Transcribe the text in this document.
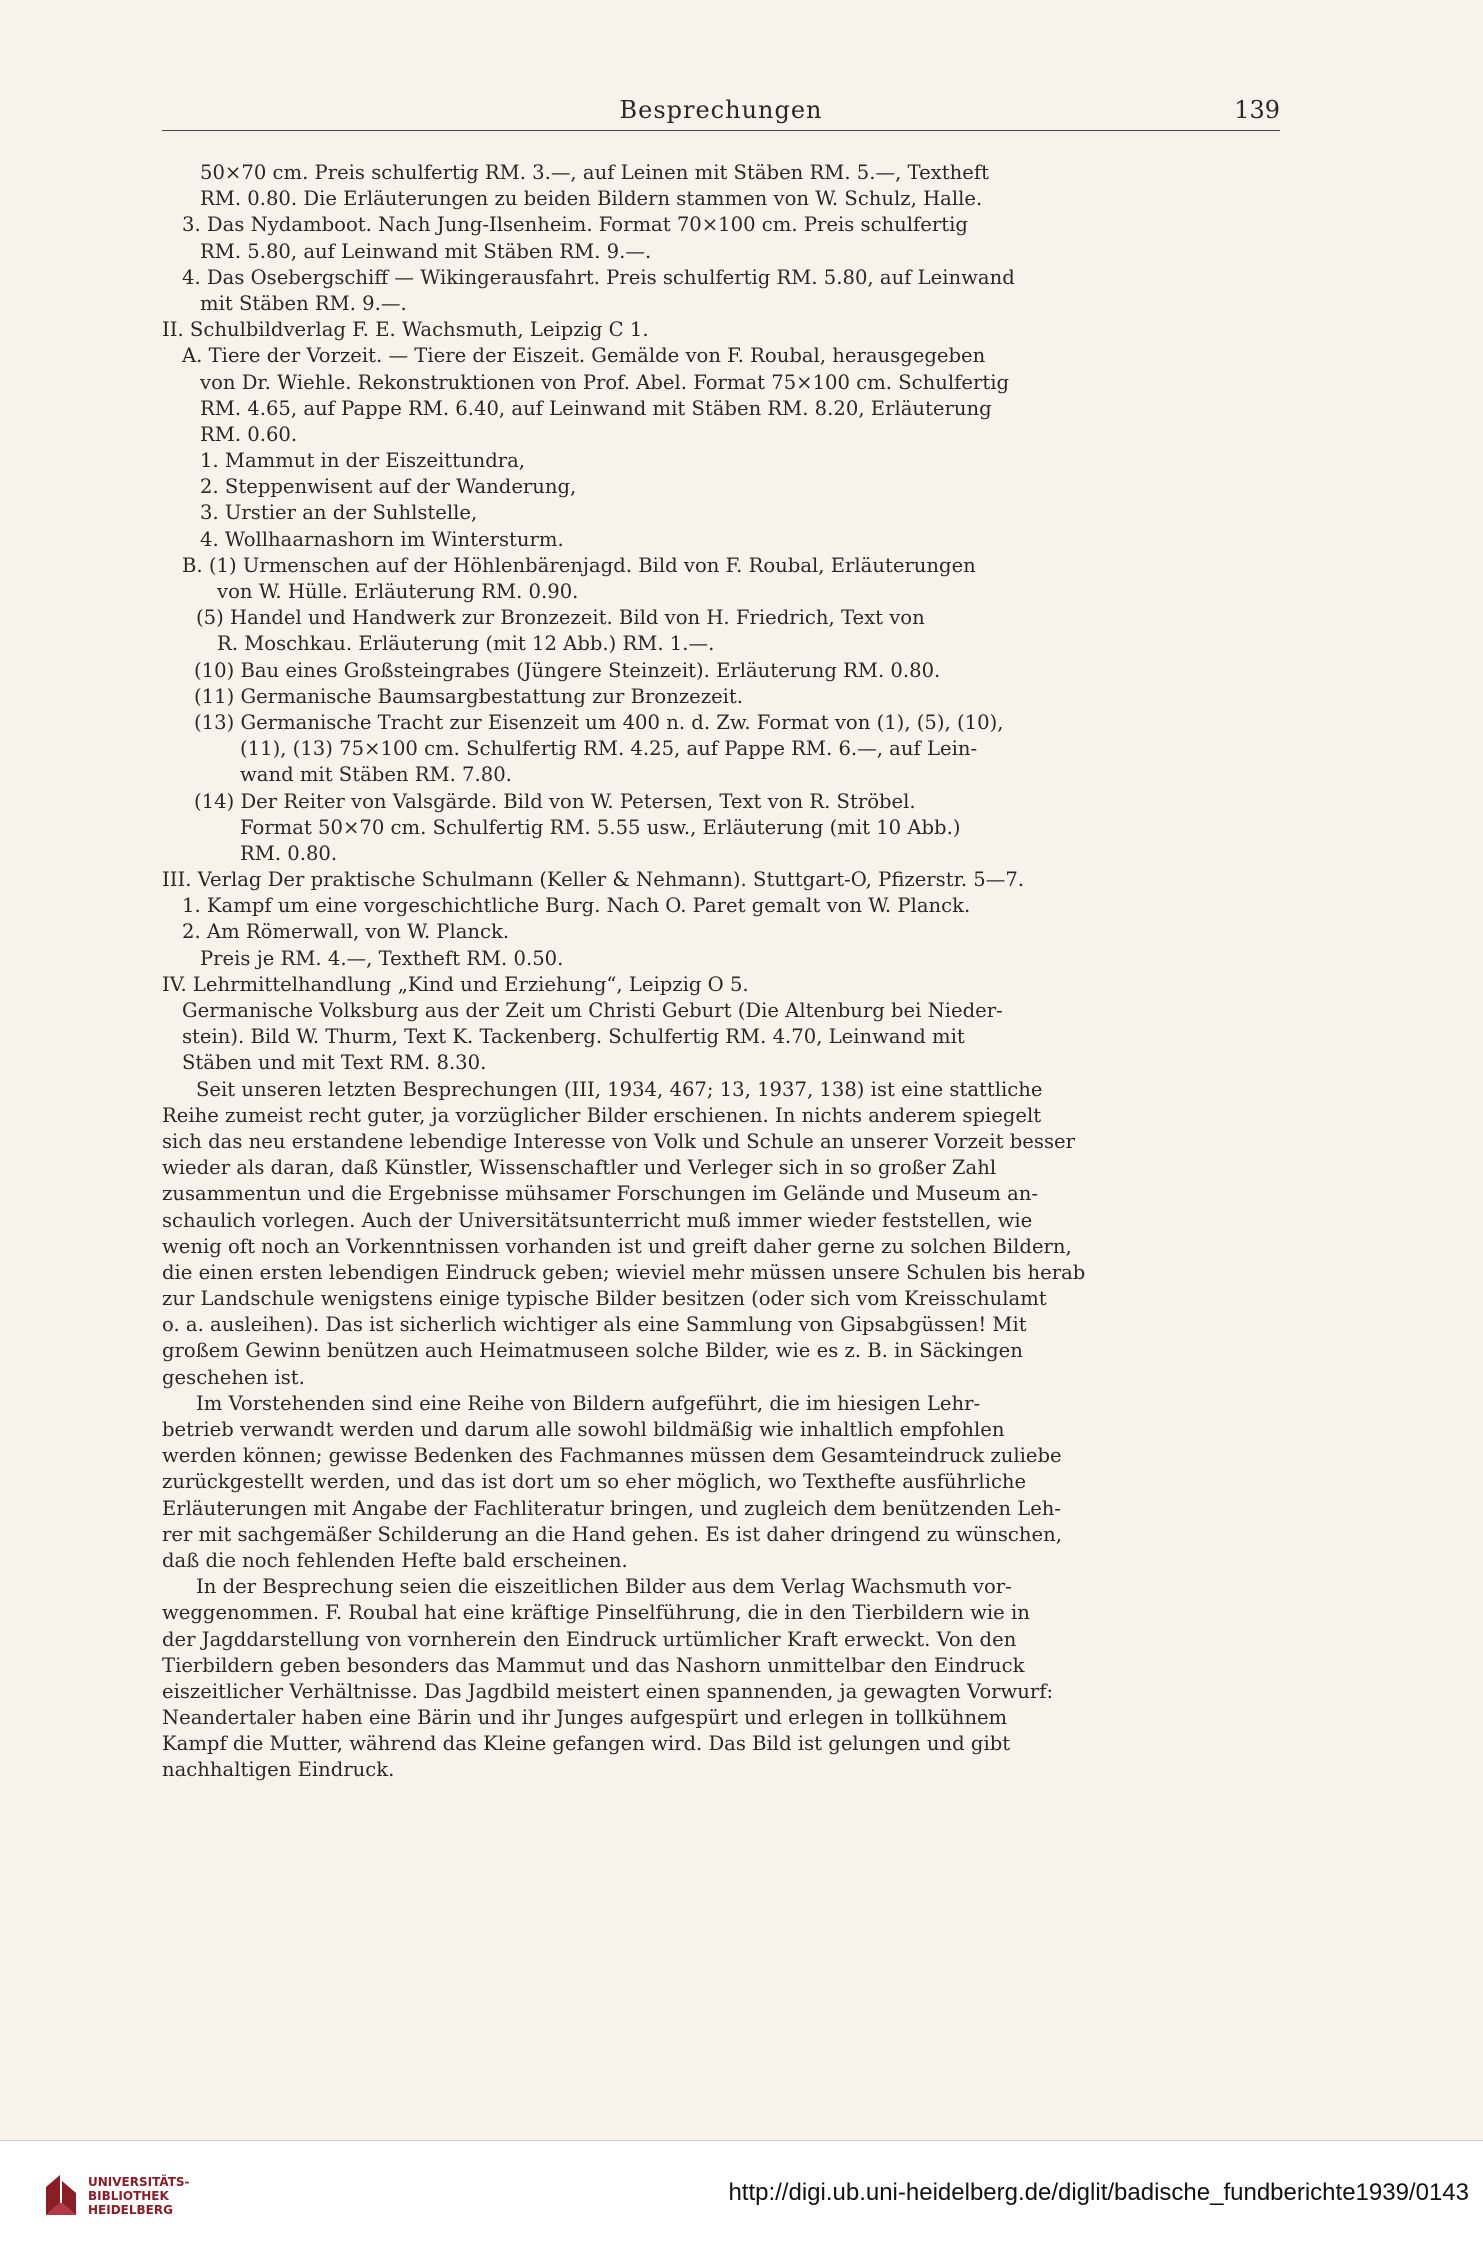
Besprechungen	139
50×70 cm. Preis schulfertig RM. 3.—, auf Leinen mit Stäben RM. 5.—, Textheft
RM. 0.80. Die Erläuterungen zu beiden Bildern stammen von W. Schulz, Halle.
3. Das Nydamboot. Nach Jung-Ilsenheim. Format 70×100 cm. Preis schulfertig
RM. 5.80, auf Leinwand mit Stäben RM. 9.—.
4. Das Osebergschiff — Wikingerausfahrt. Preis schulfertig RM. 5.80, auf Leinwand
mit Stäben RM. 9.—.
II. Schulbildverlag F. E. Wachsmuth, Leipzig C 1.
A. Tiere der Vorzeit. — Tiere der Eiszeit. Gemälde von F. Roubal, herausgegeben
von Dr. Wiehle. Rekonstruktionen von Prof. Abel. Format 75×100 cm. Schulfertig
RM. 4.65, auf Pappe RM. 6.40, auf Leinwand mit Stäben RM. 8.20, Erläuterung
RM. 0.60.
1. Mammut in der Eiszeittundra,
2. Steppenwisent auf der Wanderung,
3. Urstier an der Suhlstelle,
4. Wollhaarnashorn im Wintersturm.
B. (1) Urmenschen auf der Höhlenbärenjagd. Bild von F. Roubal, Erläuterungen
von W. Hülle. Erläuterung RM. 0.90.
(5) Handel und Handwerk zur Bronzezeit. Bild von H. Friedrich, Text von
R. Moschkau. Erläuterung (mit 12 Abb.) RM. 1.—.
(10) Bau eines Großsteingrabes (Jüngere Steinzeit). Erläuterung RM. 0.80.
(11) Germanische Baumsargbestattung zur Bronzezeit.
(13) Germanische Tracht zur Eisenzeit um 400 n. d. Zw. Format von (1), (5), (10),
(11), (13) 75×100 cm. Schulfertig RM. 4.25, auf Pappe RM. 6.—, auf Lein-
wand mit Stäben RM. 7.80.
(14) Der Reiter von Valsgärde. Bild von W. Petersen, Text von R. Ströbel.
Format 50×70 cm. Schulfertig RM. 5.55 usw., Erläuterung (mit 10 Abb.)
RM. 0.80.
III. Verlag Der praktische Schulmann (Keller & Nehmann). Stuttgart-O, Pfizerstr. 5—7.
1. Kampf um eine vorgeschichtliche Burg. Nach O. Paret gemalt von W. Planck.
2. Am Römerwall, von W. Planck.
Preis je RM. 4.—, Textheft RM. 0.50.
IV. Lehrmittelhandlung „Kind und Erziehung“, Leipzig O 5.
Germanische Volksburg aus der Zeit um Christi Geburt (Die Altenburg bei Nieder-
stein). Bild W. Thurm, Text K. Tackenberg. Schulfertig RM. 4.70, Leinwand mit
Stäben und mit Text RM. 8.30.
Seit unseren letzten Besprechungen (III, 1934, 467; 13, 1937, 138) ist eine stattliche
Reihe zumeist recht guter, ja vorzüglicher Bilder erschienen. In nichts anderem spiegelt
sich das neu erstandene lebendige Interesse von Volk und Schule an unserer Vorzeit besser
wieder als daran, daß Künstler, Wissenschaftler und Verleger sich in so großer Zahl
zusammentun und die Ergebnisse mühsamer Forschungen im Gelände und Museum an-
schaulich vorlegen. Auch der Universitätsunterricht muß immer wieder feststellen, wie
wenig oft noch an Vorkenntnissen vorhanden ist und greift daher gerne zu solchen Bildern,
die einen ersten lebendigen Eindruck geben; wieviel mehr müssen unsere Schulen bis herab
zur Landschule wenigstens einige typische Bilder besitzen (oder sich vom Kreisschulamt
o. a. ausleihen). Das ist sicherlich wichtiger als eine Sammlung von Gipsabgüssen! Mit
großem Gewinn benützen auch Heimatmuseen solche Bilder, wie es z. B. in Säckingen
geschehen ist.
Im Vorstehenden sind eine Reihe von Bildern aufgeführt, die im hiesigen Lehr-
betrieb verwandt werden und darum alle sowohl bildmäßig wie inhaltlich empfohlen
werden können; gewisse Bedenken des Fachmannes müssen dem Gesamteindruck zuliebe
zurückgestellt werden, und das ist dort um so eher möglich, wo Texthefte ausführliche
Erläuterungen mit Angabe der Fachliteratur bringen, und zugleich dem benützenden Leh-
rer mit sachgemäßer Schilderung an die Hand gehen. Es ist daher dringend zu wünschen,
daß die noch fehlenden Hefte bald erscheinen.
In der Besprechung seien die eiszeitlichen Bilder aus dem Verlag Wachsmuth vor-
weggenommen. F. Roubal hat eine kräftige Pinselführung, die in den Tierbildern wie in
der Jagddarstellung von vornherein den Eindruck urtümlicher Kraft erweckt. Von den
Tierbildern geben besonders das Mammut und das Nashorn unmittelbar den Eindruck
eiszeitlicher Verhältnisse. Das Jagdbild meistert einen spannenden, ja gewagten Vorwurf:
Neandertaler haben eine Bärin und ihr Junges aufgespürt und erlegen in tollkühnem
Kampf die Mutter, während das Kleine gefangen wird. Das Bild ist gelungen und gibt
nachhaltigen Eindruck.
UNIVERSITÄTS-
BIBLIOTHEK
HEIDELBERG
http://digi.ub.uni-heidelberg.de/diglit/badische_fundberichte1939/0143
